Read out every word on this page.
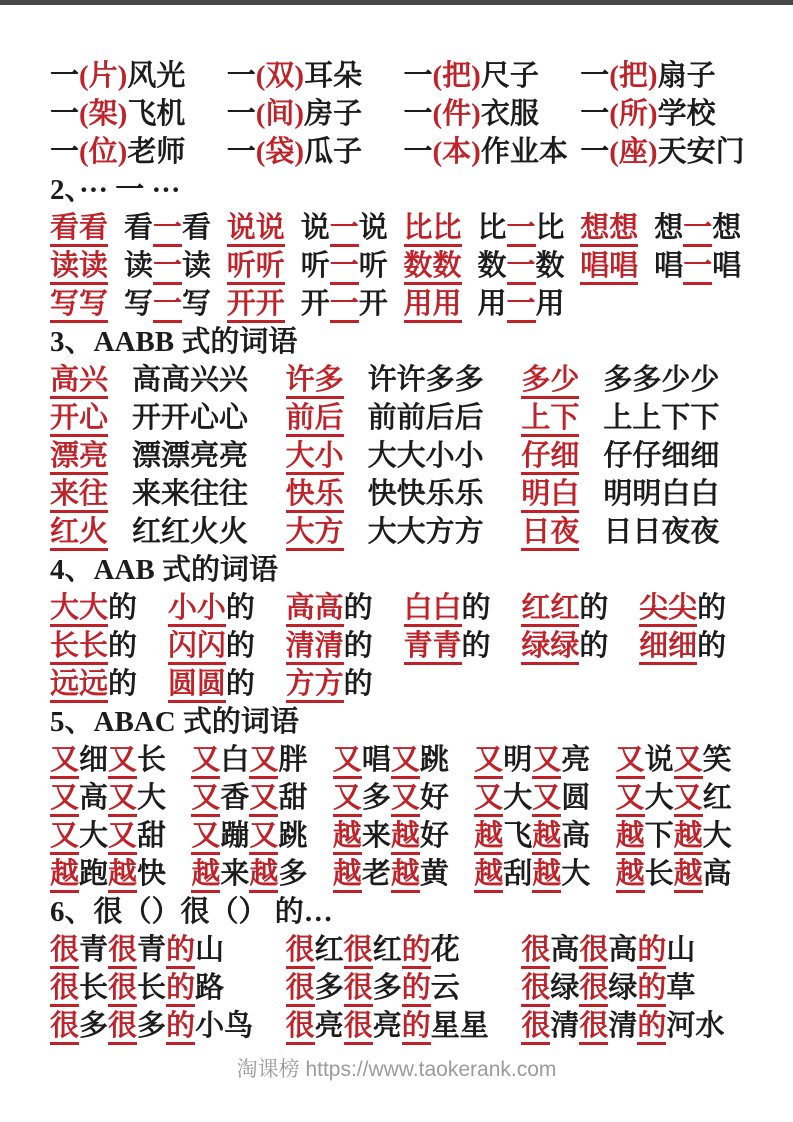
一(片)风光 一(双)耳朵 一(把)尺子 一(把)扇子
一(架)飞机 一(间)房子 一(件)衣服 一(所)学校
一(位)老师 一(袋)瓜子 一(本)作业本 一(座)天安门
2、··· 一 ···
看看 看一看 说说 说一说 比比 比一比 想想 想一想
读读 读一读 听听 听一听 数数 数一数 唱唱 唱一唱
写写 写一写 开开 开一开 用用 用一用
3、AABB 式的词语
高兴 高高兴兴 许多 许许多多 多少 多多少少
开心 开开心心 前后 前前后后 上下 上上下下
漂亮 漂漂亮亮 大小 大大小小 仔细 仔仔细细
来往 来来往往 快乐 快快乐乐 明白 明明白白
红火 红红火火 大方 大大方方 日夜 日日夜夜
4、AAB 式的词语
大大的 小小的 高高的 白白的 红红的 尖尖的
长长的 闪闪的 清清的 青青的 绿绿的 细细的
远远的 圆圆的 方方的
5、ABAC 式的词语
又细又长 又白又胖 又唱又跳 又明又亮 又说又笑
又高又大 又香又甜 又多又好 又大又圆 又大又红
又大又甜 又蹦又跳 越来越好 越飞越高 越下越大
越跑越快 越来越多 越老越黄 越刮越大 越长越高
6、很（）很（） 的…
很青很青的山 很红很红的花 很高很高的山
很长很长的路 很多很多的云 很绿很绿的草
很多很多的小鸟 很亮很亮的星星 很清很清的河水
淘课榜 https://www.taokerank.com
